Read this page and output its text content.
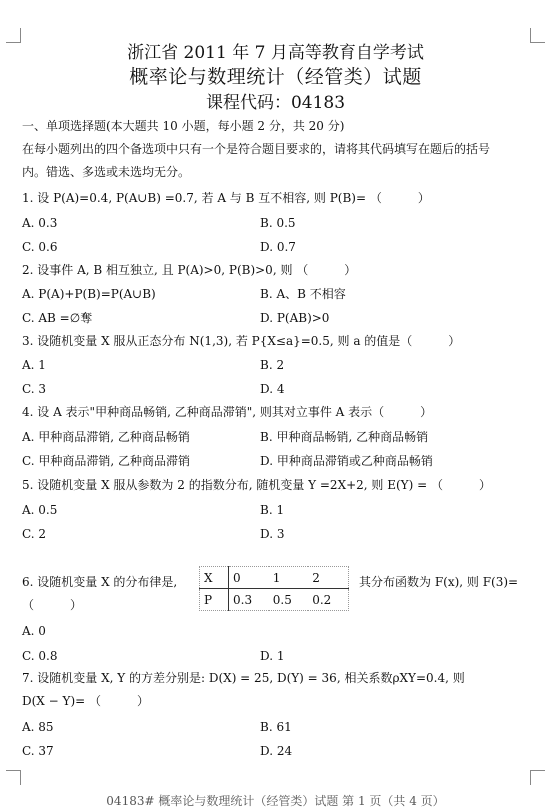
浙江省 2011 年 7 月高等教育自学考试
概率论与数理统计（经管类）试题
课程代码：04183
一、单项选择题(本大题共 10 小题，每小题 2 分，共 20 分)
在每小题列出的四个备选项中只有一个是符合题目要求的，请将其代码填写在题后的括号
内。错选、多选或未选均无分。
1. 设 P(A)=0.4, P(A∪B) =0.7, 若 A 与 B 互不相容, 则 P(B)= （　　　）
A. 0.3	B. 0.5
C. 0.6	D. 0.7
2. 设事件 A, B 相互独立, 且 P(A)>0, P(B)>0, 则 （　　　）
A. P(A)+P(B)=P(A∪B)	B. A、B 不相容
C. AB =∅奪	D. P(AB)>0
3. 设随机变量 X 服从正态分布 N(1,3), 若 P{X≤a}=0.5, 则 a 的值是（　　　）
A. 1	B. 2
C. 3	D. 4
4. 设 A 表示"甲种商品畅销, 乙种商品滞销", 则其对立事件 A 表示（　　　）
A. 甲种商品滞销, 乙种商品畅销	B. 甲种商品畅销, 乙种商品畅销
C. 甲种商品滞销, 乙种商品滞销	D. 甲种商品滞销或乙种商品畅销
5. 设随机变量 X 服从参数为 2 的指数分布, 随机变量 Y =2X+2, 则 E(Y) = （　　　）
A. 0.5	B. 1
C. 2	D. 3
6. 设随机变量 X 的分布律是, X	0	1	2
P	0.3	0.5	0.2
其分布函数为 F(x), 则 F(3)=
（　　　）
A. 0
C. 0.8	D. 1
7. 设随机变量 X, Y 的方差分别是: D(X) = 25, D(Y) = 36, 相关系数ρXY=0.4, 则
D(X − Y)= （　　　）
A. 85	B. 61
C. 37	D. 24
04183# 概率论与数理统计（经管类）试题 第 1 页（共 4 页）
